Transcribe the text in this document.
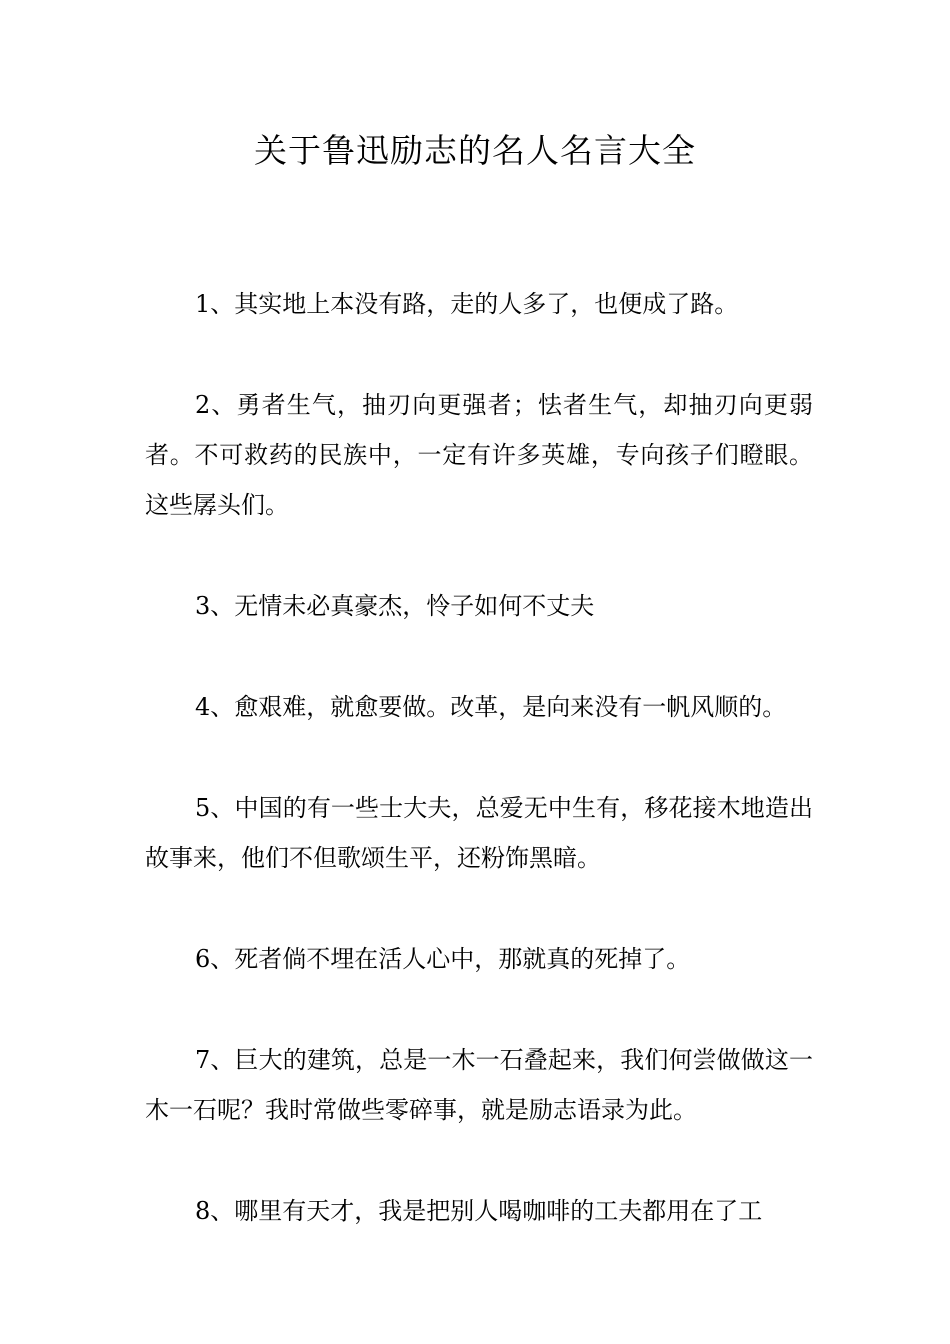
关于鲁迅励志的名人名言大全

1、其实地上本没有路，走的人多了，也便成了路。

2、勇者生气，抽刃向更强者；怯者生气，却抽刃向更弱者。不可救药的民族中，一定有许多英雄，专向孩子们瞪眼。这些孱头们。

3、无情未必真豪杰，怜子如何不丈夫

4、愈艰难，就愈要做。改革，是向来没有一帆风顺的。

5、中国的有一些士大夫，总爱无中生有，移花接木地造出故事来，他们不但歌颂生平，还粉饰黑暗。

6、死者倘不埋在活人心中，那就真的死掉了。

7、巨大的建筑，总是一木一石叠起来，我们何尝做做这一木一石呢？我时常做些零碎事，就是励志语录为此。

8、哪里有天才，我是把别人喝咖啡的工夫都用在了工
